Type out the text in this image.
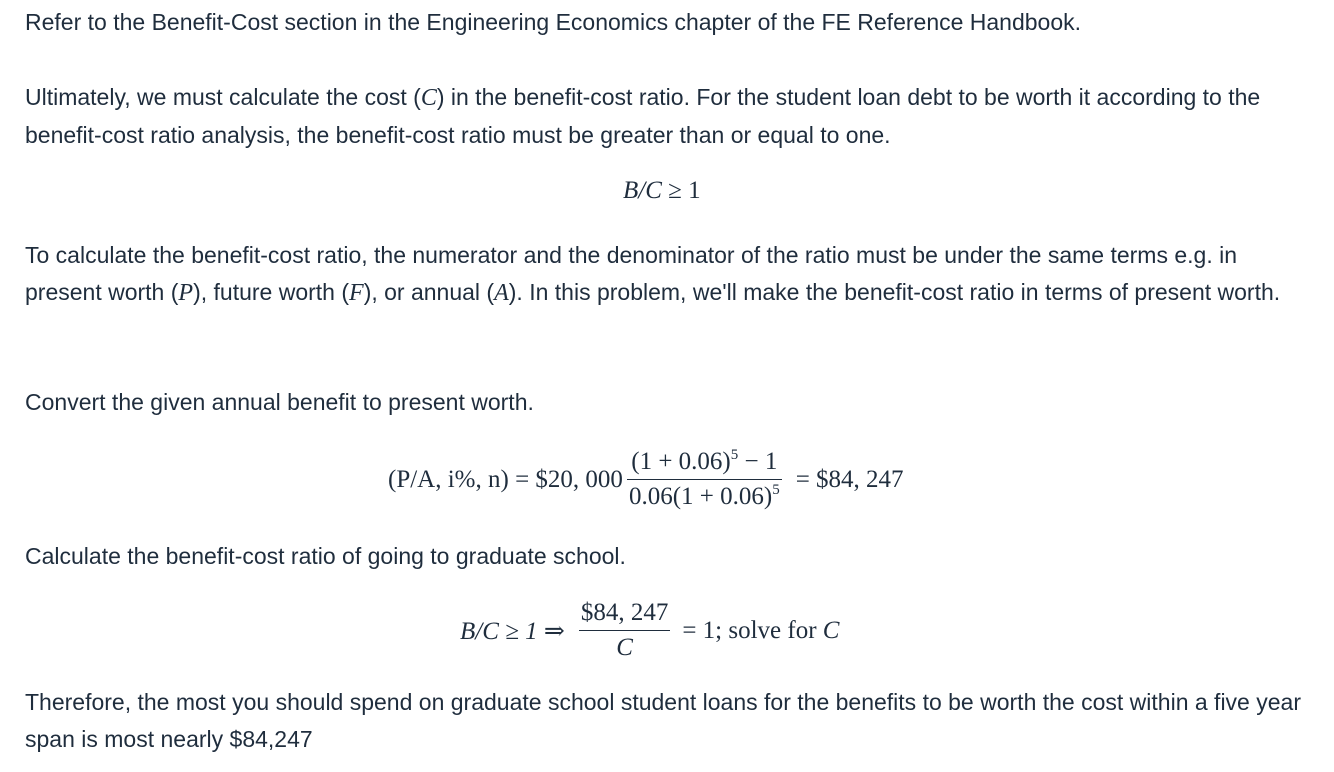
Refer to the Benefit-Cost section in the Engineering Economics chapter of the FE Reference Handbook.

Ultimately, we must calculate the cost (C) in the benefit-cost ratio. For the student loan debt to be worth it according to the benefit-cost ratio analysis, the benefit-cost ratio must be greater than or equal to one.

B/C ≥ 1

To calculate the benefit-cost ratio, the numerator and the denominator of the ratio must be under the same terms e.g. in present worth (P), future worth (F), or annual (A). In this problem, we'll make the benefit-cost ratio in terms of present worth.

Convert the given annual benefit to present worth.

(P/A, i%, n) = $20, $000 \frac{(1 + 0.06)^5 - 1}{0.06(1 + 0.06)^5}$ = $84, 247

Calculate the benefit-cost ratio of going to graduate school.

B/C ≥ 1 ⇒ $\frac{\$84, 247}{C} = 1$; solve for C

Therefore, the most you should spend on graduate school student loans for the benefits to be worth the cost within a five year span is most nearly $84,247
